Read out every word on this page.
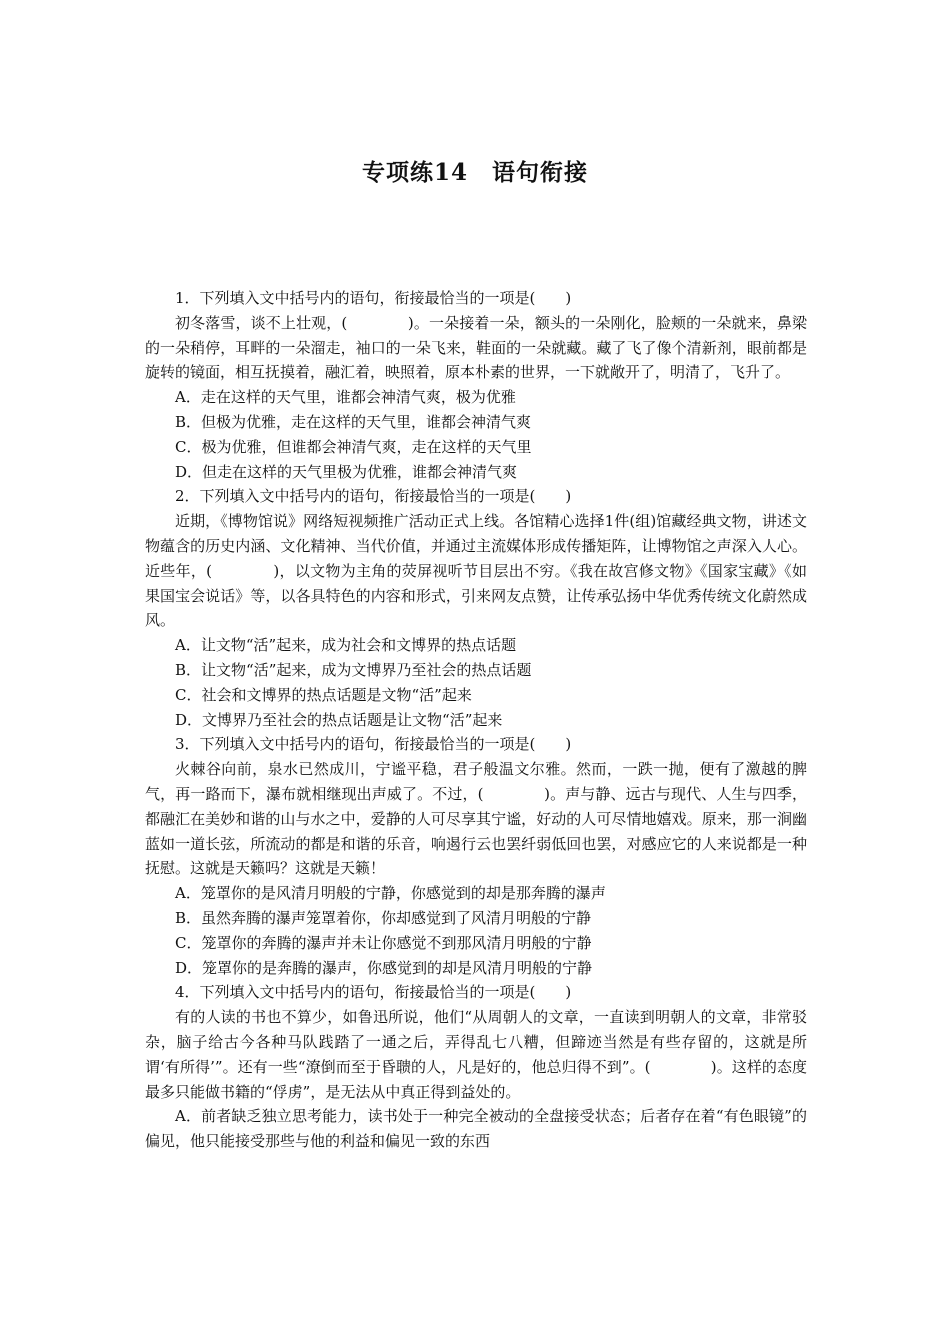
专项练14　语句衔接

1．下列填入文中括号内的语句，衔接最恰当的一项是(　　)

初冬落雪，谈不上壮观，(　　　　)。一朵接着一朵，额头的一朵刚化，脸颊的一朵就来，鼻梁的一朵稍停，耳畔的一朵溜走，袖口的一朵飞来，鞋面的一朵就藏。藏了飞了像个清新剂，眼前都是旋转的镜面，相互抚摸着，融汇着，映照着，原本朴素的世界，一下就敞开了，明清了，飞升了。

A．走在这样的天气里，谁都会神清气爽，极为优雅

B．但极为优雅，走在这样的天气里，谁都会神清气爽

C．极为优雅，但谁都会神清气爽，走在这样的天气里

D．但走在这样的天气里极为优雅，谁都会神清气爽

2．下列填入文中括号内的语句，衔接最恰当的一项是(　　)

近期，《博物馆说》网络短视频推广活动正式上线。各馆精心选择1件(组)馆藏经典文物，讲述文物蕴含的历史内涵、文化精神、当代价值，并通过主流媒体形成传播矩阵，让博物馆之声深入人心。近些年，(　　　　)，以文物为主角的荧屏视听节目层出不穷。《我在故宫修文物》《国家宝藏》《如果国宝会说话》等，以各具特色的内容和形式，引来网友点赞，让传承弘扬中华优秀传统文化蔚然成风。

A．让文物“活”起来，成为社会和文博界的热点话题

B．让文物“活”起来，成为文博界乃至社会的热点话题

C．社会和文博界的热点话题是文物“活”起来

D．文博界乃至社会的热点话题是让文物“活”起来

3．下列填入文中括号内的语句，衔接最恰当的一项是(　　)

火棘谷向前，泉水已然成川，宁谧平稳，君子般温文尔雅。然而，一跌一抛，便有了激越的脾气，再一路而下，瀑布就相继现出声威了。不过，(　　　　)。声与静、远古与现代、人生与四季，都融汇在美妙和谐的山与水之中，爱静的人可尽享其宁谧，好动的人可尽情地嬉戏。原来，那一涧幽蓝如一道长弦，所流动的都是和谐的乐音，响遏行云也罢纤弱低回也罢，对感应它的人来说都是一种抚慰。这就是天籁吗？这就是天籁！

A．笼罩你的是风清月明般的宁静，你感觉到的却是那奔腾的瀑声

B．虽然奔腾的瀑声笼罩着你，你却感觉到了风清月明般的宁静

C．笼罩你的奔腾的瀑声并未让你感觉不到那风清月明般的宁静

D．笼罩你的是奔腾的瀑声，你感觉到的却是风清月明般的宁静

4．下列填入文中括号内的语句，衔接最恰当的一项是(　　)

有的人读的书也不算少，如鲁迅所说，他们“从周朝人的文章，一直读到明朝人的文章，非常驳杂，脑子给古今各种马队践踏了一通之后，弄得乱七八糟，但蹄迹当然是有些存留的，这就是所谓‘有所得’”。还有一些“潦倒而至于昏聩的人，凡是好的，他总归得不到”。(　　　　)。这样的态度最多只能做书籍的“俘虏”，是无法从中真正得到益处的。

A．前者缺乏独立思考能力，读书处于一种完全被动的全盘接受状态；后者存在着“有色眼镜”的偏见，他只能接受那些与他的利益和偏见一致的东西
